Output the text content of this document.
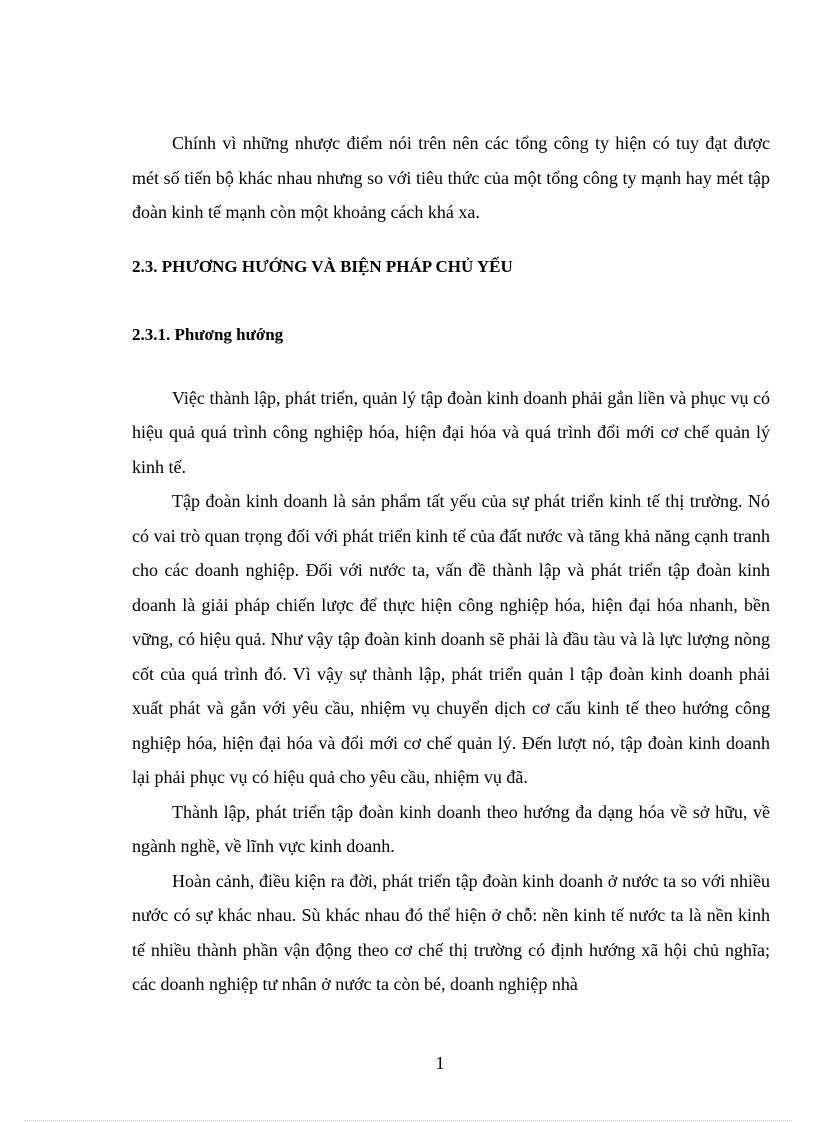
Chính vì những nhược điểm nói trên nên các tổng công ty hiện có tuy đạt được mét số tiến bộ khác nhau nhưng so với tiêu thức của một tổng công ty mạnh hay mét tập đoàn kinh tế mạnh còn một khoảng cách khá xa.

2.3. PHƯƠNG HƯỚNG VÀ BIỆN PHÁP CHỦ YẾU

2.3.1. Phương hướng

Việc thành lập, phát triển, quản lý tập đoàn kinh doanh phải gắn liền và phục vụ có hiệu quả quá trình công nghiệp hóa, hiện đại hóa và quá trình đổi mới cơ chế quản lý kinh tế.

Tập đoàn kinh doanh là sản phẩm tất yếu của sự phát triển kinh tế thị trường. Nó có vai trò quan trọng đối với phát triển kinh tế của đất nước và tăng khả năng cạnh tranh cho các doanh nghiệp. Đối với nước ta, vấn đề thành lập và phát triển tập đoàn kinh doanh là giải pháp chiến lược để thực hiện công nghiệp hóa, hiện đại hóa nhanh, bền vững, có hiệu quả. Như vậy tập đoàn kinh doanh sẽ phải là đầu tàu và là lực lượng nòng cốt của quá trình đó. Vì vậy sự thành lập, phát triển quản l tập đoàn kinh doanh phải xuất phát và gắn với yêu cầu, nhiệm vụ chuyển dịch cơ cấu kinh tế theo hướng công nghiệp hóa, hiện đại hóa và đổi mới cơ chế quản lý. Đến lượt nó, tập đoàn kinh doanh lại phải phục vụ có hiệu quả cho yêu cầu, nhiệm vụ đã.

Thành lập, phát triển tập đoàn kinh doanh theo hướng đa dạng hóa về sở hữu, về ngành nghề, về lĩnh vực kinh doanh.

Hoàn cảnh, điều kiện ra đời, phát triển tập đoàn kinh doanh ở nước ta so với nhiều nước có sự khác nhau. Sù khác nhau đó thể hiện ở chỗ: nền kinh tế nước ta là nền kinh tế nhiều thành phần vận động theo cơ chế thị trường có định hướng xã hội chủ nghĩa; các doanh nghiệp tư nhân ở nước ta còn bé, doanh nghiệp nhà

1
